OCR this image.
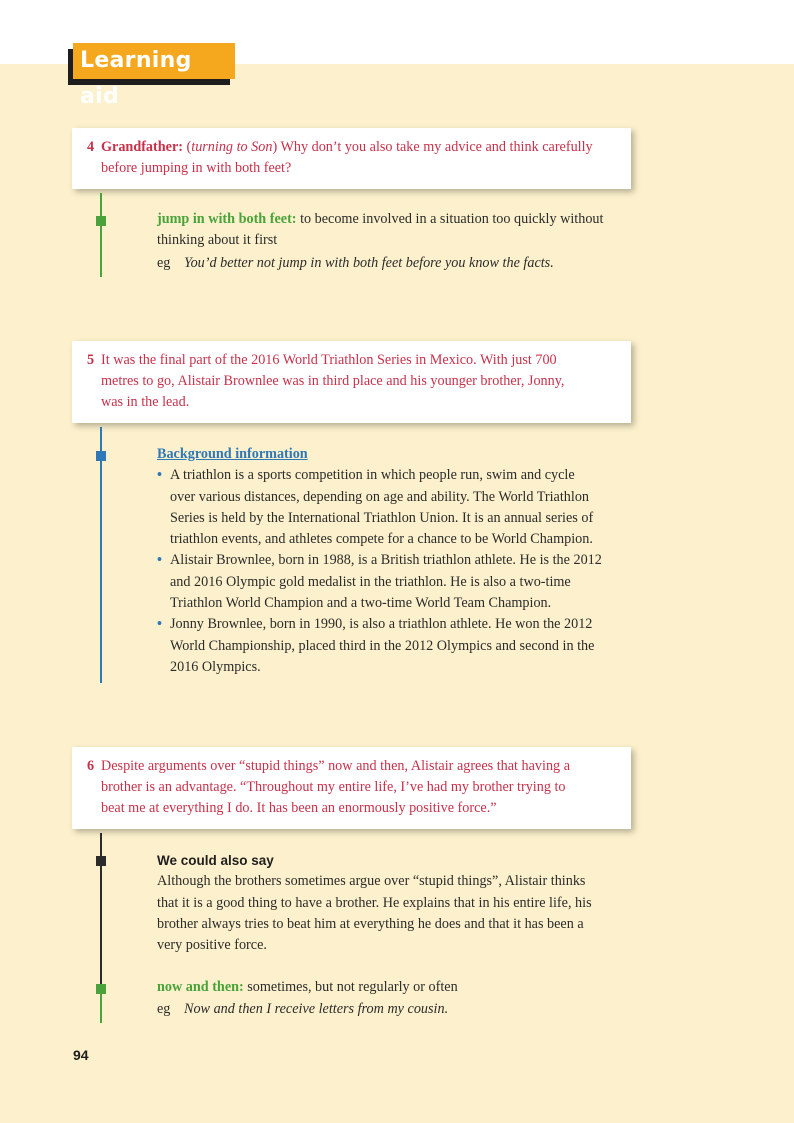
Learning aid
4 Grandfather: (turning to Son) Why don’t you also take my advice and think carefully
before jumping in with both feet?
jump in with both feet: to become involved in a situation too quickly without
thinking about it first
eg You’d better not jump in with both feet before you know the facts.
5 It was the final part of the 2016 World Triathlon Series in Mexico. With just 700
metres to go, Alistair Brownlee was in third place and his younger brother, Jonny,
was in the lead.
Background information
• A triathlon is a sports competition in which people run, swim and cycle
over various distances, depending on age and ability. The World Triathlon
Series is held by the International Triathlon Union. It is an annual series of
triathlon events, and athletes compete for a chance to be World Champion.
• Alistair Brownlee, born in 1988, is a British triathlon athlete. He is the 2012
and 2016 Olympic gold medalist in the triathlon. He is also a two-time
Triathlon World Champion and a two-time World Team Champion.
• Jonny Brownlee, born in 1990, is also a triathlon athlete. He won the 2012
World Championship, placed third in the 2012 Olympics and second in the
2016 Olympics.
6 Despite arguments over “stupid things” now and then, Alistair agrees that having a
brother is an advantage. “Throughout my entire life, I’ve had my brother trying to
beat me at everything I do. It has been an enormously positive force.”
We could also say
Although the brothers sometimes argue over “stupid things”, Alistair thinks
that it is a good thing to have a brother. He explains that in his entire life, his
brother always tries to beat him at everything he does and that it has been a
very positive force.
now and then: sometimes, but not regularly or often
eg Now and then I receive letters from my cousin.
94
